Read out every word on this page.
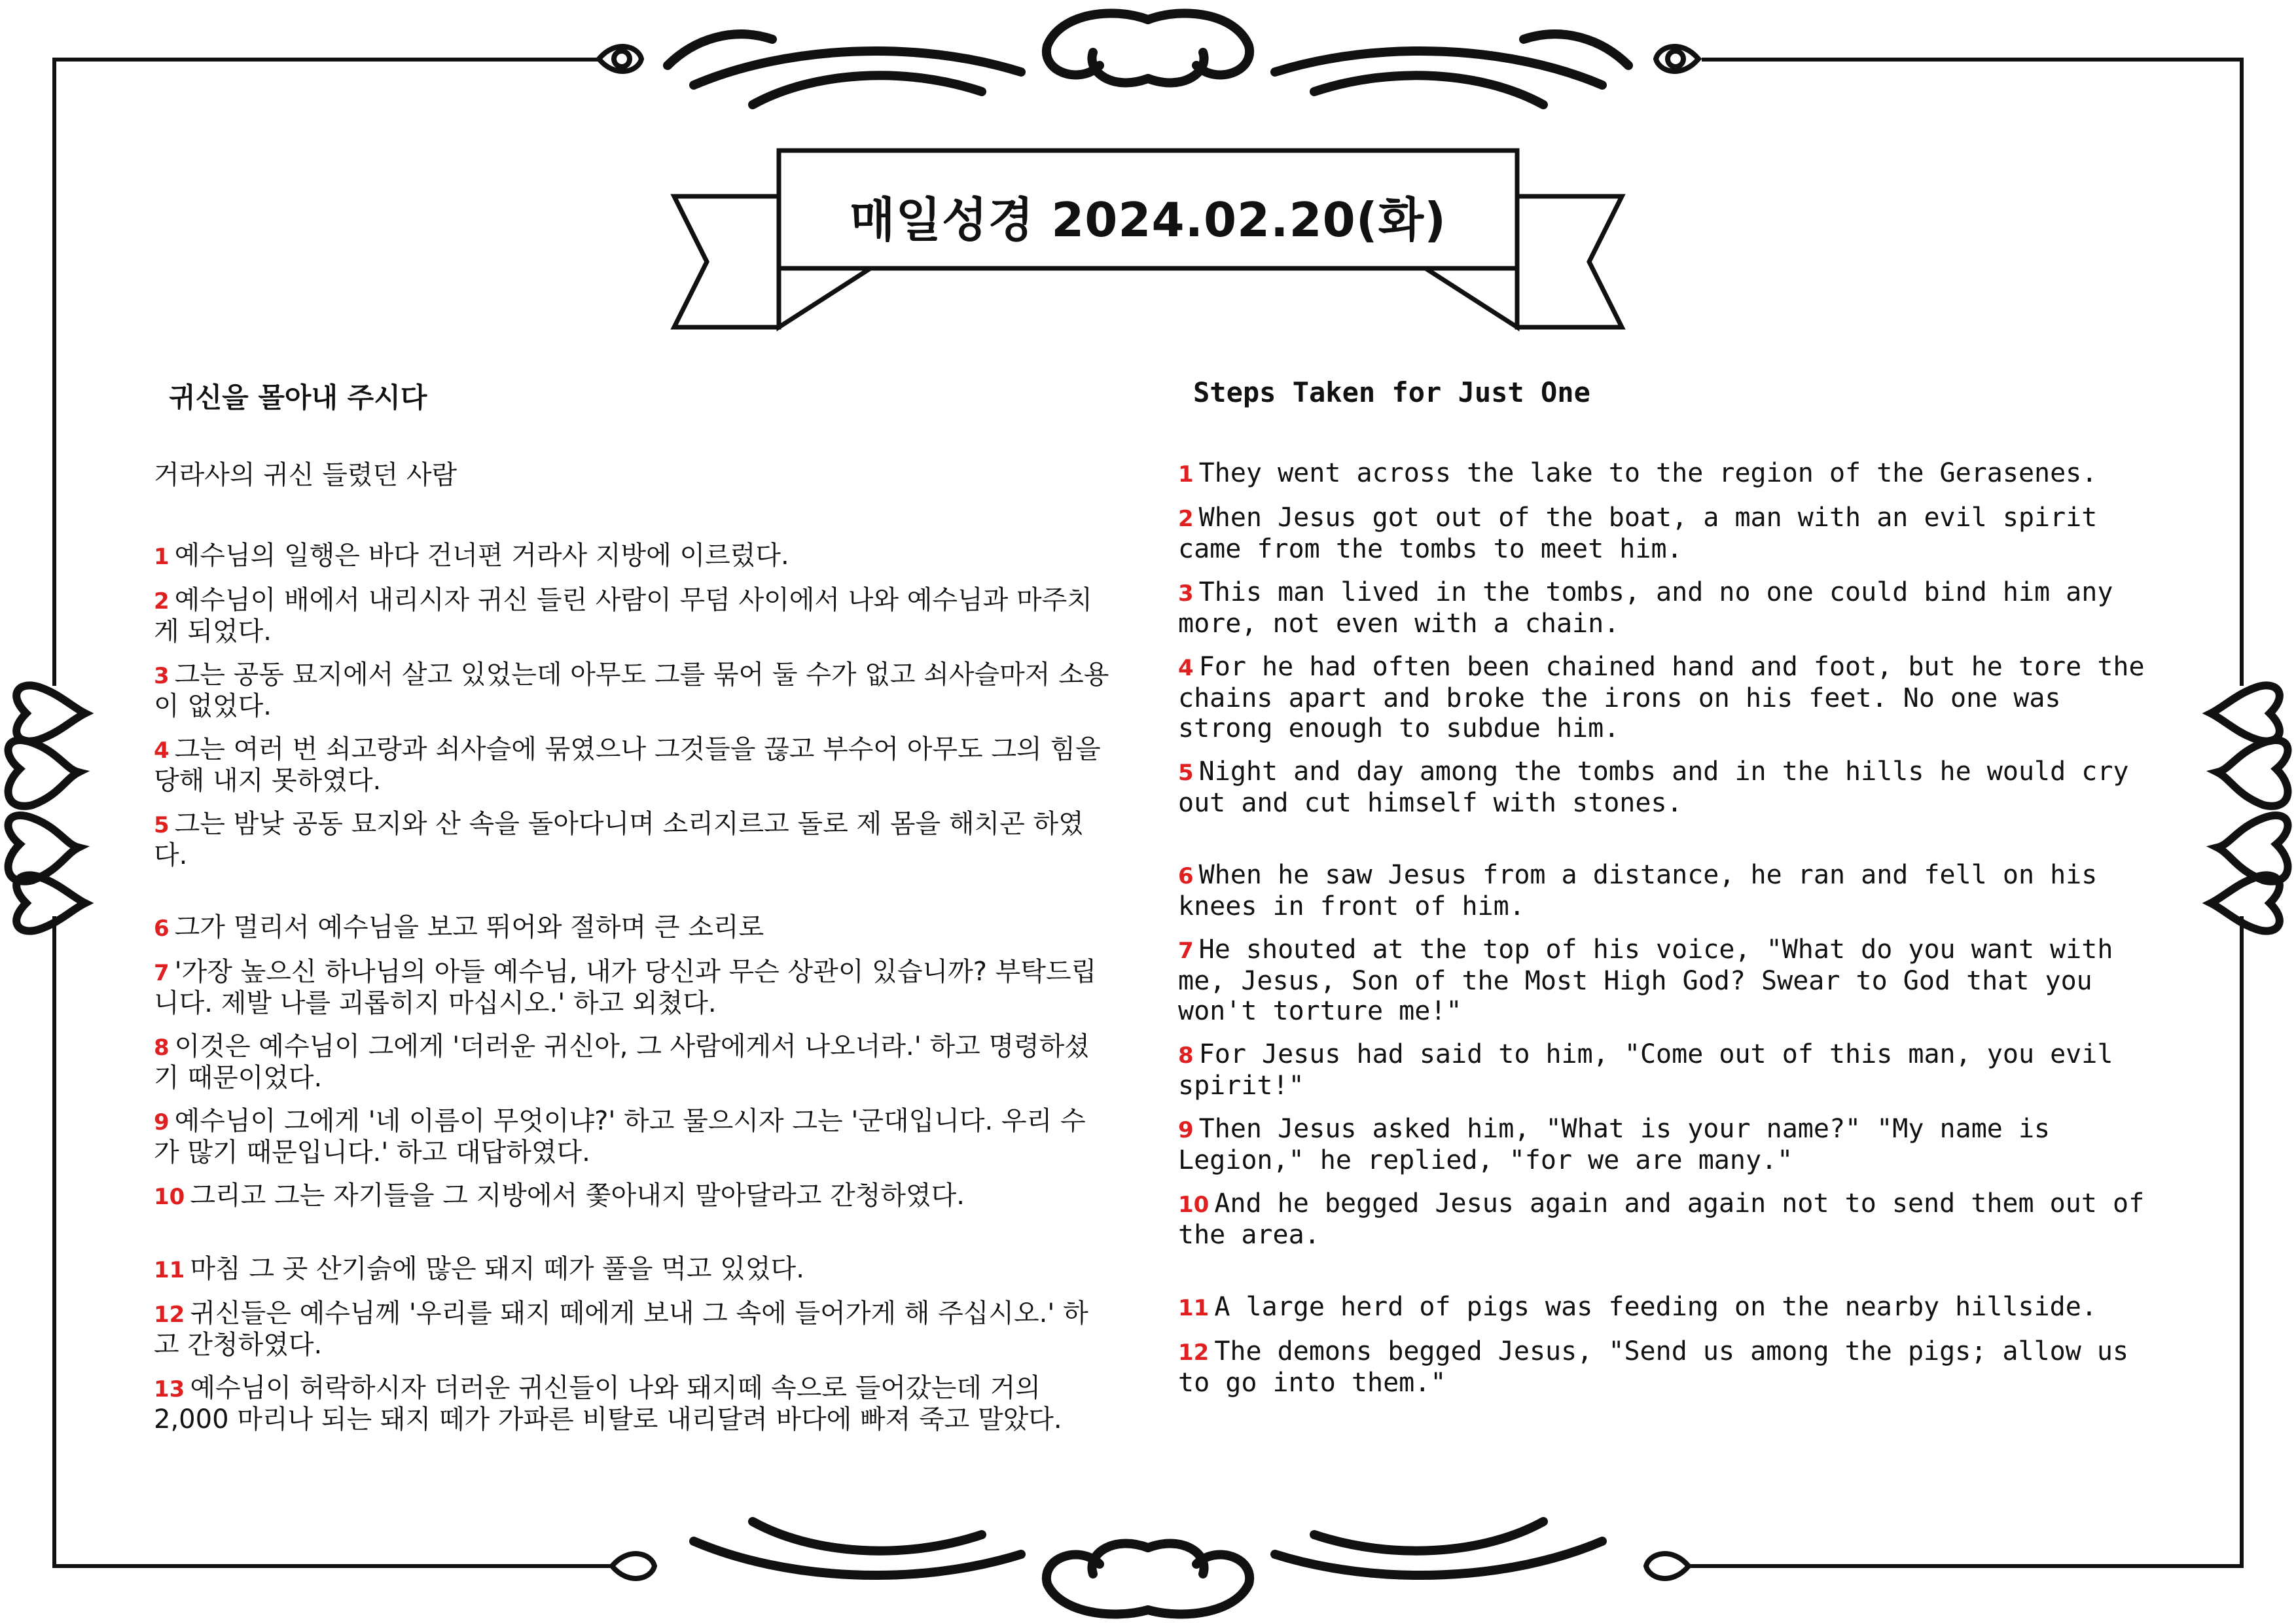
매일성경 2024.02.20(화)
귀신을 몰아내 주시다	Steps Taken for Just One
거라사의 귀신 들렸던 사람
1 예수님의 일행은 바다 건너편 거라사 지방에 이르렀다.
2 예수님이 배에서 내리시자 귀신 들린 사람이 무덤 사이에서 나와 예수님과 마주치게 되었다.
3 그는 공동 묘지에서 살고 있었는데 아무도 그를 묶어 둘 수가 없고 쇠사슬마저 소용이 없었다.
4 그는 여러 번 쇠고랑과 쇠사슬에 묶였으나 그것들을 끊고 부수어 아무도 그의 힘을 당해 내지 못하였다.
5 그는 밤낮 공동 묘지와 산 속을 돌아다니며 소리지르고 돌로 제 몸을 해치곤 하였다.
6 그가 멀리서 예수님을 보고 뛰어와 절하며 큰 소리로
7 '가장 높으신 하나님의 아들 예수님, 내가 당신과 무슨 상관이 있습니까? 부탁드립니다. 제발 나를 괴롭히지 마십시오.' 하고 외쳤다.
8 이것은 예수님이 그에게 '더러운 귀신아, 그 사람에게서 나오너라.' 하고 명령하셨기 때문이었다.
9 예수님이 그에게 '네 이름이 무엇이냐?' 하고 물으시자 그는 '군대입니다. 우리 수가 많기 때문입니다.' 하고 대답하였다.
10 그리고 그는 자기들을 그 지방에서 쫓아내지 말아달라고 간청하였다.
11 마침 그 곳 산기슭에 많은 돼지 떼가 풀을 먹고 있었다.
12 귀신들은 예수님께 '우리를 돼지 떼에게 보내 그 속에 들어가게 해 주십시오.' 하고 간청하였다.
13 예수님이 허락하시자 더러운 귀신들이 나와 돼지떼 속으로 들어갔는데 거의 2,000 마리나 되는 돼지 떼가 가파른 비탈로 내리달려 바다에 빠져 죽고 말았다.
1 They went across the lake to the region of the Gerasenes.
2 When Jesus got out of the boat, a man with an evil spirit came from the tombs to meet him.
3 This man lived in the tombs, and no one could bind him any more, not even with a chain.
4 For he had often been chained hand and foot, but he tore the chains apart and broke the irons on his feet. No one was strong enough to subdue him.
5 Night and day among the tombs and in the hills he would cry out and cut himself with stones.
6 When he saw Jesus from a distance, he ran and fell on his knees in front of him.
7 He shouted at the top of his voice, "What do you want with me, Jesus, Son of the Most High God? Swear to God that you won't torture me!"
8 For Jesus had said to him, "Come out of this man, you evil spirit!"
9 Then Jesus asked him, "What is your name?" "My name is Legion," he replied, "for we are many."
10 And he begged Jesus again and again not to send them out of the area.
11 A large herd of pigs was feeding on the nearby hillside.
12 The demons begged Jesus, "Send us among the pigs; allow us to go into them."
